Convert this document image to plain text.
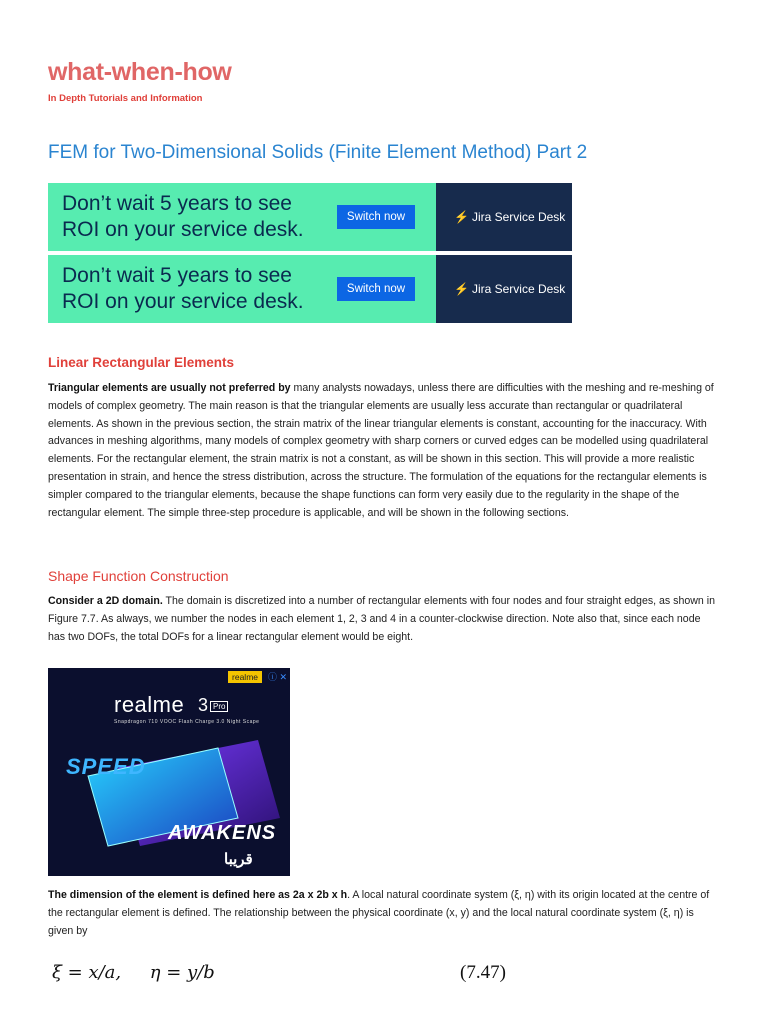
what-when-how
In Depth Tutorials and Information
FEM for Two-Dimensional Solids (Finite Element Method) Part 2
Don’t wait 5 years to see
ROI on your service desk.
Switch now	⚡ Jira Service Desk
Don’t wait 5 years to see
ROI on your service desk.
Switch now	⚡ Jira Service Desk
Linear Rectangular Elements

Triangular elements are usually not preferred by many analysts nowadays, unless there are difficulties with the meshing and re-meshing of models of complex geometry. The main reason is that the triangular elements are usually less accurate than rectangular or quadrilateral elements. As shown in the previous section, the strain matrix of the linear triangular elements is constant, accounting for the inaccuracy. With advances in meshing algorithms, many models of complex geometry with sharp corners or curved edges can be modelled using quadrilateral elements. For the rectangular element, the strain matrix is not a constant, as will be shown in this section. This will provide a more realistic presentation in strain, and hence the stress distribution, across the structure. The formulation of the equations for the rectangular elements is simpler compared to the triangular elements, because the shape functions can form very easily due to the regularity in the shape of the rectangular element. The simple three-step procedure is applicable, and will be shown in the following sections.

Shape Function Construction

Consider a 2D domain. The domain is discretized into a number of rectangular elements with four nodes and four straight edges, as shown in Figure 7.7. As always, we number the nodes in each element 1, 2, 3 and 4 in a counter-clockwise direction. Note also that, since each node has two DOFs, the total DOFs for a linear rectangular element would be eight.

realme	ⓘ ✕
realme 3 Pro
Snapdragon 710 VOOC Flash Charge 3.0 Night Scape
SPEED
AWAKENS
قريبا

The dimension of the element is defined here as 2a x 2b x h. A local natural coordinate system (ξ, η) with its origin located at the centre of the rectangular element is defined. The relationship between the physical coordinate (x, y) and the local natural coordinate system (ξ, η) is given by

ξ = x/a,     η = y/b	(7.47)
